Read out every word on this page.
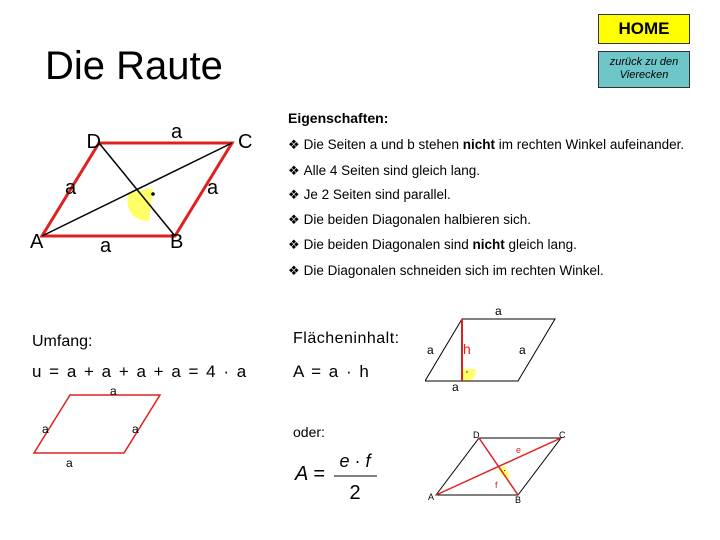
HOME
zurück zu den
Vierecken
Die Raute
D	C
A	B
a
a	a
a
Eigenschaften:
❖ Die Seiten a und b stehen nicht im rechten Winkel aufeinander.
❖ Alle 4 Seiten sind gleich lang.
❖ Je 2 Seiten sind parallel.
❖ Die beiden Diagonalen halbieren sich.
❖ Die beiden Diagonalen sind nicht gleich lang.
❖ Die Diagonalen schneiden sich im rechten Winkel.
Umfang:
u = a + a + a + a = 4 · a
a
a	a
a
Flächeninhalt:
A = a · h
a
a	a
a
h
·
oder:
A =
e · f
2
D	C
A	B
e
f
·
